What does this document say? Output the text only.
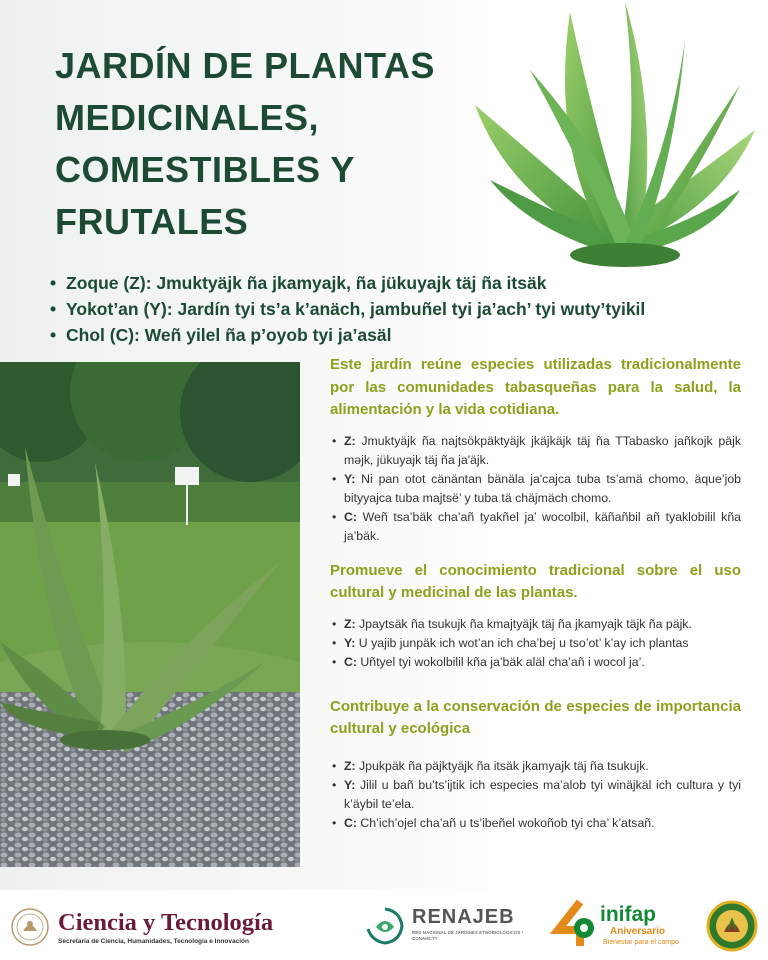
JARDÍN DE PLANTAS
MEDICINALES,
COMESTIBLES Y
FRUTALES
• Zoque (Z): Jmuktyäjk ña jkamyajk, ña jükuyajk täj ña itsäk
• Yokot’an (Y): Jardín tyi ts’a k’anäch, jambuñel tyi ja’ach’ tyi wuty’tyikil
• Chol (C): Weñ yilel ña p’oyob tyi ja’asäl

Este jardín reúne especies utilizadas tradicionalmente por las comunidades tabasqueñas para la salud, la alimentación y la vida cotidiana.

• Z: Jmuktyäjk ña najtsökpäktyäjk jkäjkäjk täj ña TTabasko jañkojk päjk məjk, jükuyajk täj ña ja'äjk.
• Y: Ni pan otot cänäntan bänäla ja'cajca tuba ts’amä chomo, äque’job bityyajca tuba majtsë’ y tuba tä chäjmäch chomo.
• C: Weñ tsa’bäk cha’añ tyakñel ja’ wocolbil, käñañbil añ tyaklobilil kña ja’bäk.

Promueve el conocimiento tradicional sobre el uso cultural y medicinal de las plantas.

• Z: Jpaytsäk ña tsukujk ña kmajtyäjk täj ña jkamyajk täjk ña päjk.
• Y: U yajib junpäk ich wot’an ich cha’bej u tso’ot’ k’ay ich plantas
• C: Uñtyel tyi wokolbilil kña ja’bäk aläl cha’añ i wocol ja’.

Contribuye a la conservación de especies de importancia cultural y ecológica

• Z: Jpukpäk ña päjktyäjk ña itsäk jkamyajk täj ña tsukujk.
• Y: Jilil u bañ bu’ts’ijtik ich especies ma’alob tyi winäjkäl ich cultura y tyi k’äybil te’ela.
• C: Ch’ich’ojel cha’añ u ts’ibeñel wokoñob tyi cha’ k’atsañ.
Ciencia y Tecnología
Secretaría de Ciencia, Humanidades, Tecnología e Innovación
RENAJEB
RED NACIONAL DE JARDINES ETNOBIOLÓGICOS • CONAHCYT
inifap
Aniversario
Bienestar para el campo
